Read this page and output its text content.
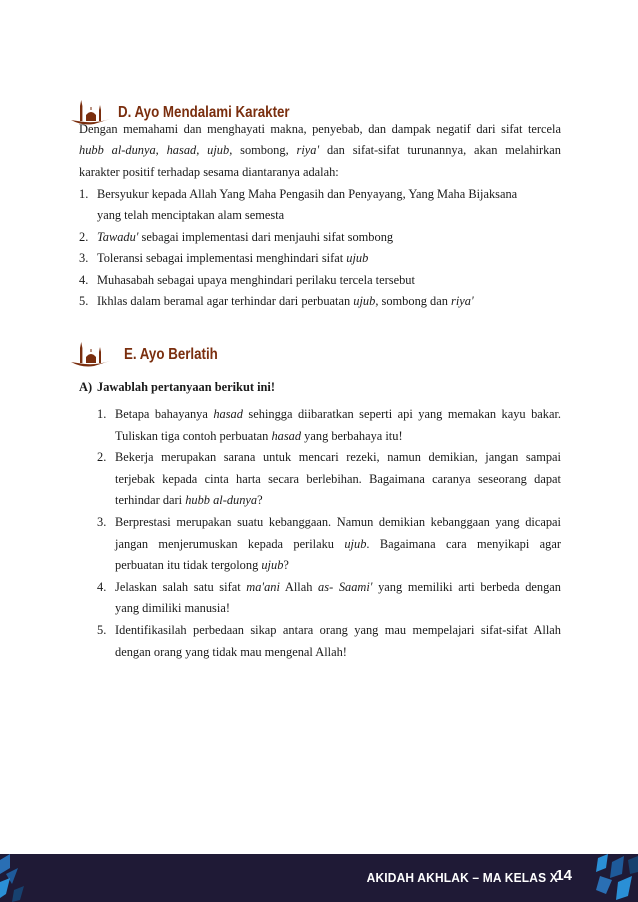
D. Ayo Mendalami Karakter
Dengan memahami dan menghayati makna, penyebab, dan dampak negatif dari sifat tercela
hubb al-dunya, hasad, ujub, sombong, riya' dan sifat-sifat turunannya, akan melahirkan
karakter positif terhadap sesama diantaranya adalah:
1. Bersyukur kepada Allah Yang Maha Pengasih dan Penyayang, Yang Maha Bijaksana
yang telah menciptakan alam semesta
2. Tawadu' sebagai implementasi dari menjauhi sifat sombong
3. Toleransi sebagai implementasi menghindari sifat ujub
4. Muhasabah sebagai upaya menghindari perilaku tercela tersebut
5. Ikhlas dalam beramal agar terhindar dari perbuatan ujub, sombong dan riya'
E. Ayo Berlatih
A) Jawablah pertanyaan berikut ini!
1. Betapa bahayanya hasad sehingga diibaratkan seperti api yang memakan kayu bakar.
Tuliskan tiga contoh perbuatan hasad yang berbahaya itu!
2. Bekerja merupakan sarana untuk mencari rezeki, namun demikian, jangan sampai
terjebak kepada cinta harta secara berlebihan. Bagaimana caranya seseorang dapat
terhindar dari hubb al-dunya?
3. Berprestasi merupakan suatu kebanggaan. Namun demikian kebanggaan yang dicapai
jangan menjerumuskan kepada perilaku ujub. Bagaimana cara menyikapi agar
perbuatan itu tidak tergolong ujub?
4. Jelaskan salah satu sifat ma'ani Allah as- Saami' yang memiliki arti berbeda dengan
yang dimiliki manusia!
5. Identifikasilah perbedaan sikap antara orang yang mau mempelajari sifat-sifat Allah
dengan orang yang tidak mau mengenal Allah!
AKIDAH AKHLAK – MA KELAS X
14
